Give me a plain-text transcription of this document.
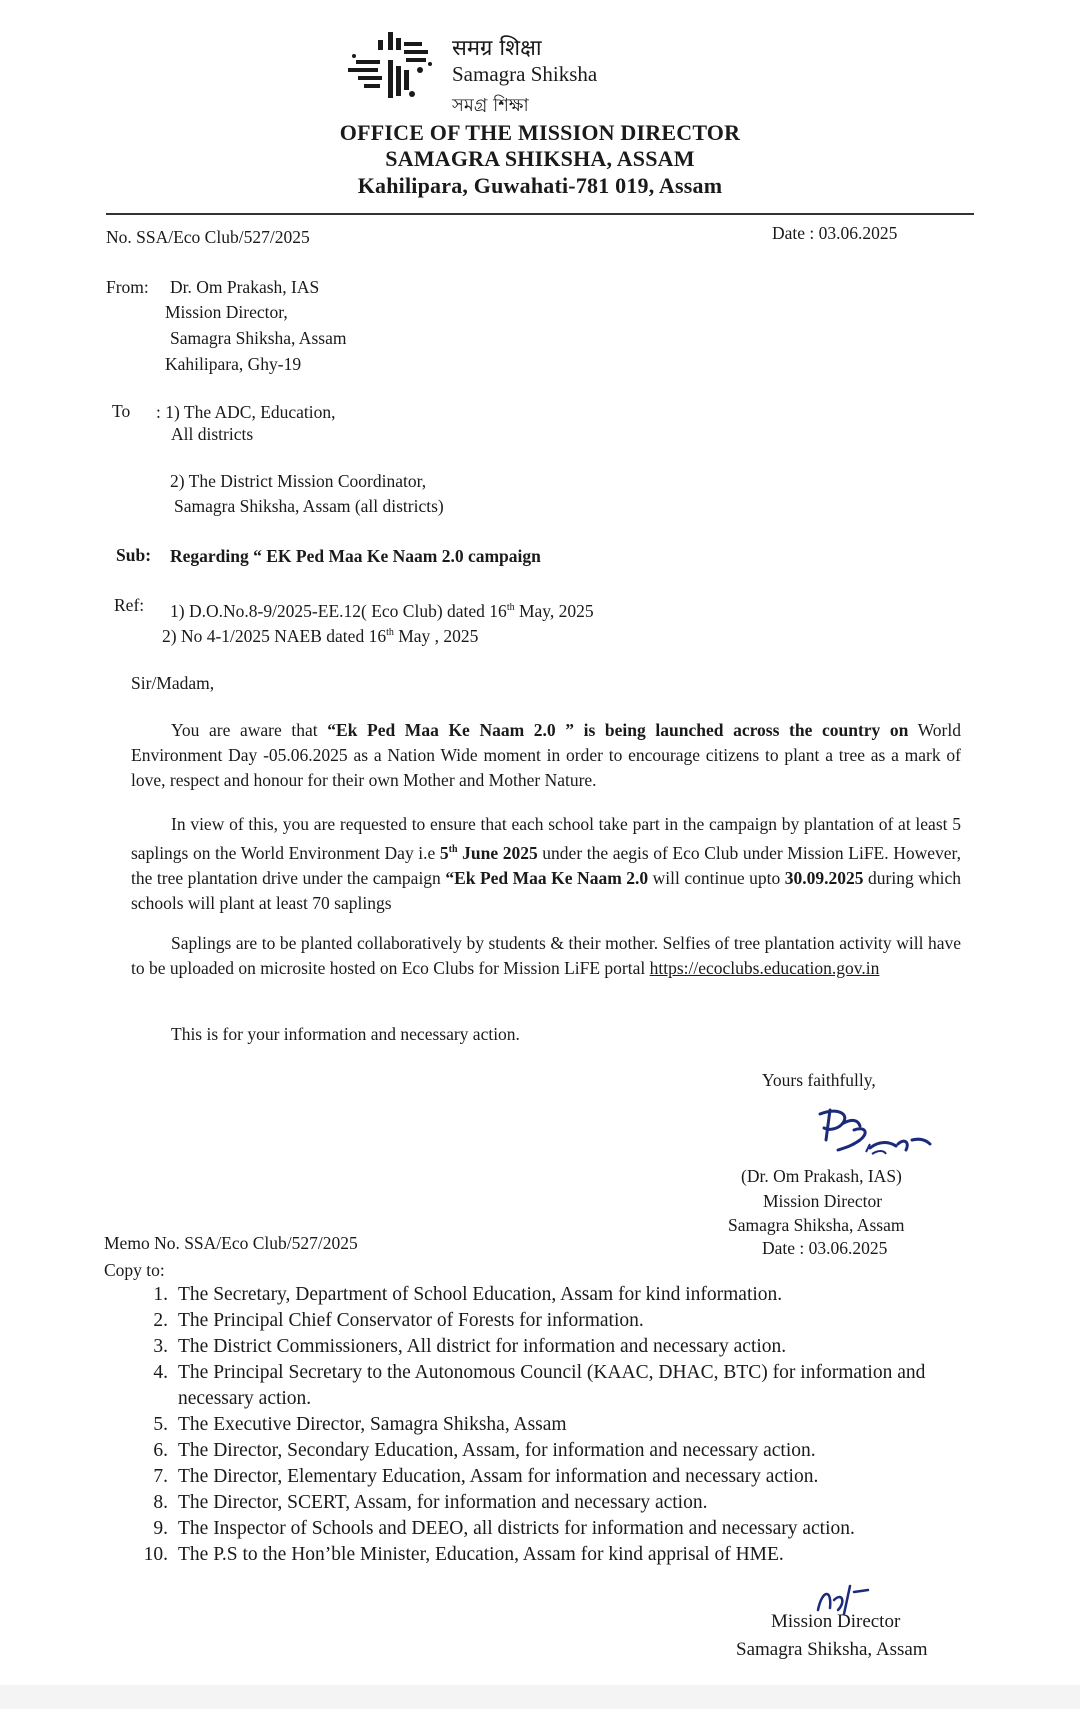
समग्र शिक्षा
Samagra Shiksha
সমগ্ৰ শিক্ষা
OFFICE OF THE MISSION DIRECTOR
SAMAGRA SHIKSHA, ASSAM
Kahilipara, Guwahati-781 019, Assam
No. SSA/Eco Club/527/2025	Date : 03.06.2025
From: Dr. Om Prakash, IAS
Mission Director,
Samagra Shiksha, Assam
Kahilipara, Ghy-19
To : 1) The ADC, Education,
All districts
2) The District Mission Coordinator,
Samagra Shiksha, Assam (all districts)
Sub: Regarding “ EK Ped Maa Ke Naam 2.0 campaign
Ref: 1) D.O.No.8-9/2025-EE.12( Eco Club) dated 16th May, 2025
2) No 4-1/2025 NAEB dated 16th May , 2025
Sir/Madam,
You are aware that “Ek Ped Maa Ke Naam 2.0 ” is being launched across the country on World Environment Day -05.06.2025 as a Nation Wide moment in order to encourage citizens to plant a tree as a mark of love, respect and honour for their own Mother and Mother Nature.
In view of this, you are requested to ensure that each school take part in the campaign by plantation of at least 5 saplings on the World Environment Day i.e 5th June 2025 under the aegis of Eco Club under Mission LiFE. However, the tree plantation drive under the campaign “Ek Ped Maa Ke Naam 2.0 will continue upto 30.09.2025 during which schools will plant at least 70 saplings
Saplings are to be planted collaboratively by students & their mother. Selfies of tree plantation activity will have to be uploaded on microsite hosted on Eco Clubs for Mission LiFE portal https://ecoclubs.education.gov.in
This is for your information and necessary action.
Yours faithfully,
(Dr. Om Prakash, IAS)
Mission Director
Samagra Shiksha, Assam
Date : 03.06.2025
Memo No. SSA/Eco Club/527/2025
Copy to:
1. The Secretary, Department of School Education, Assam for kind information.
2. The Principal Chief Conservator of Forests for information.
3. The District Commissioners, All district for information and necessary action.
4. The Principal Secretary to the Autonomous Council (KAAC, DHAC, BTC) for information and necessary action.
5. The Executive Director, Samagra Shiksha, Assam
6. The Director, Secondary Education, Assam, for information and necessary action.
7. The Director, Elementary Education, Assam for information and necessary action.
8. The Director, SCERT, Assam, for information and necessary action.
9. The Inspector of Schools and DEEO, all districts for information and necessary action.
10. The P.S to the Hon’ble Minister, Education, Assam for kind apprisal of HME.
Mission Director
Samagra Shiksha, Assam
